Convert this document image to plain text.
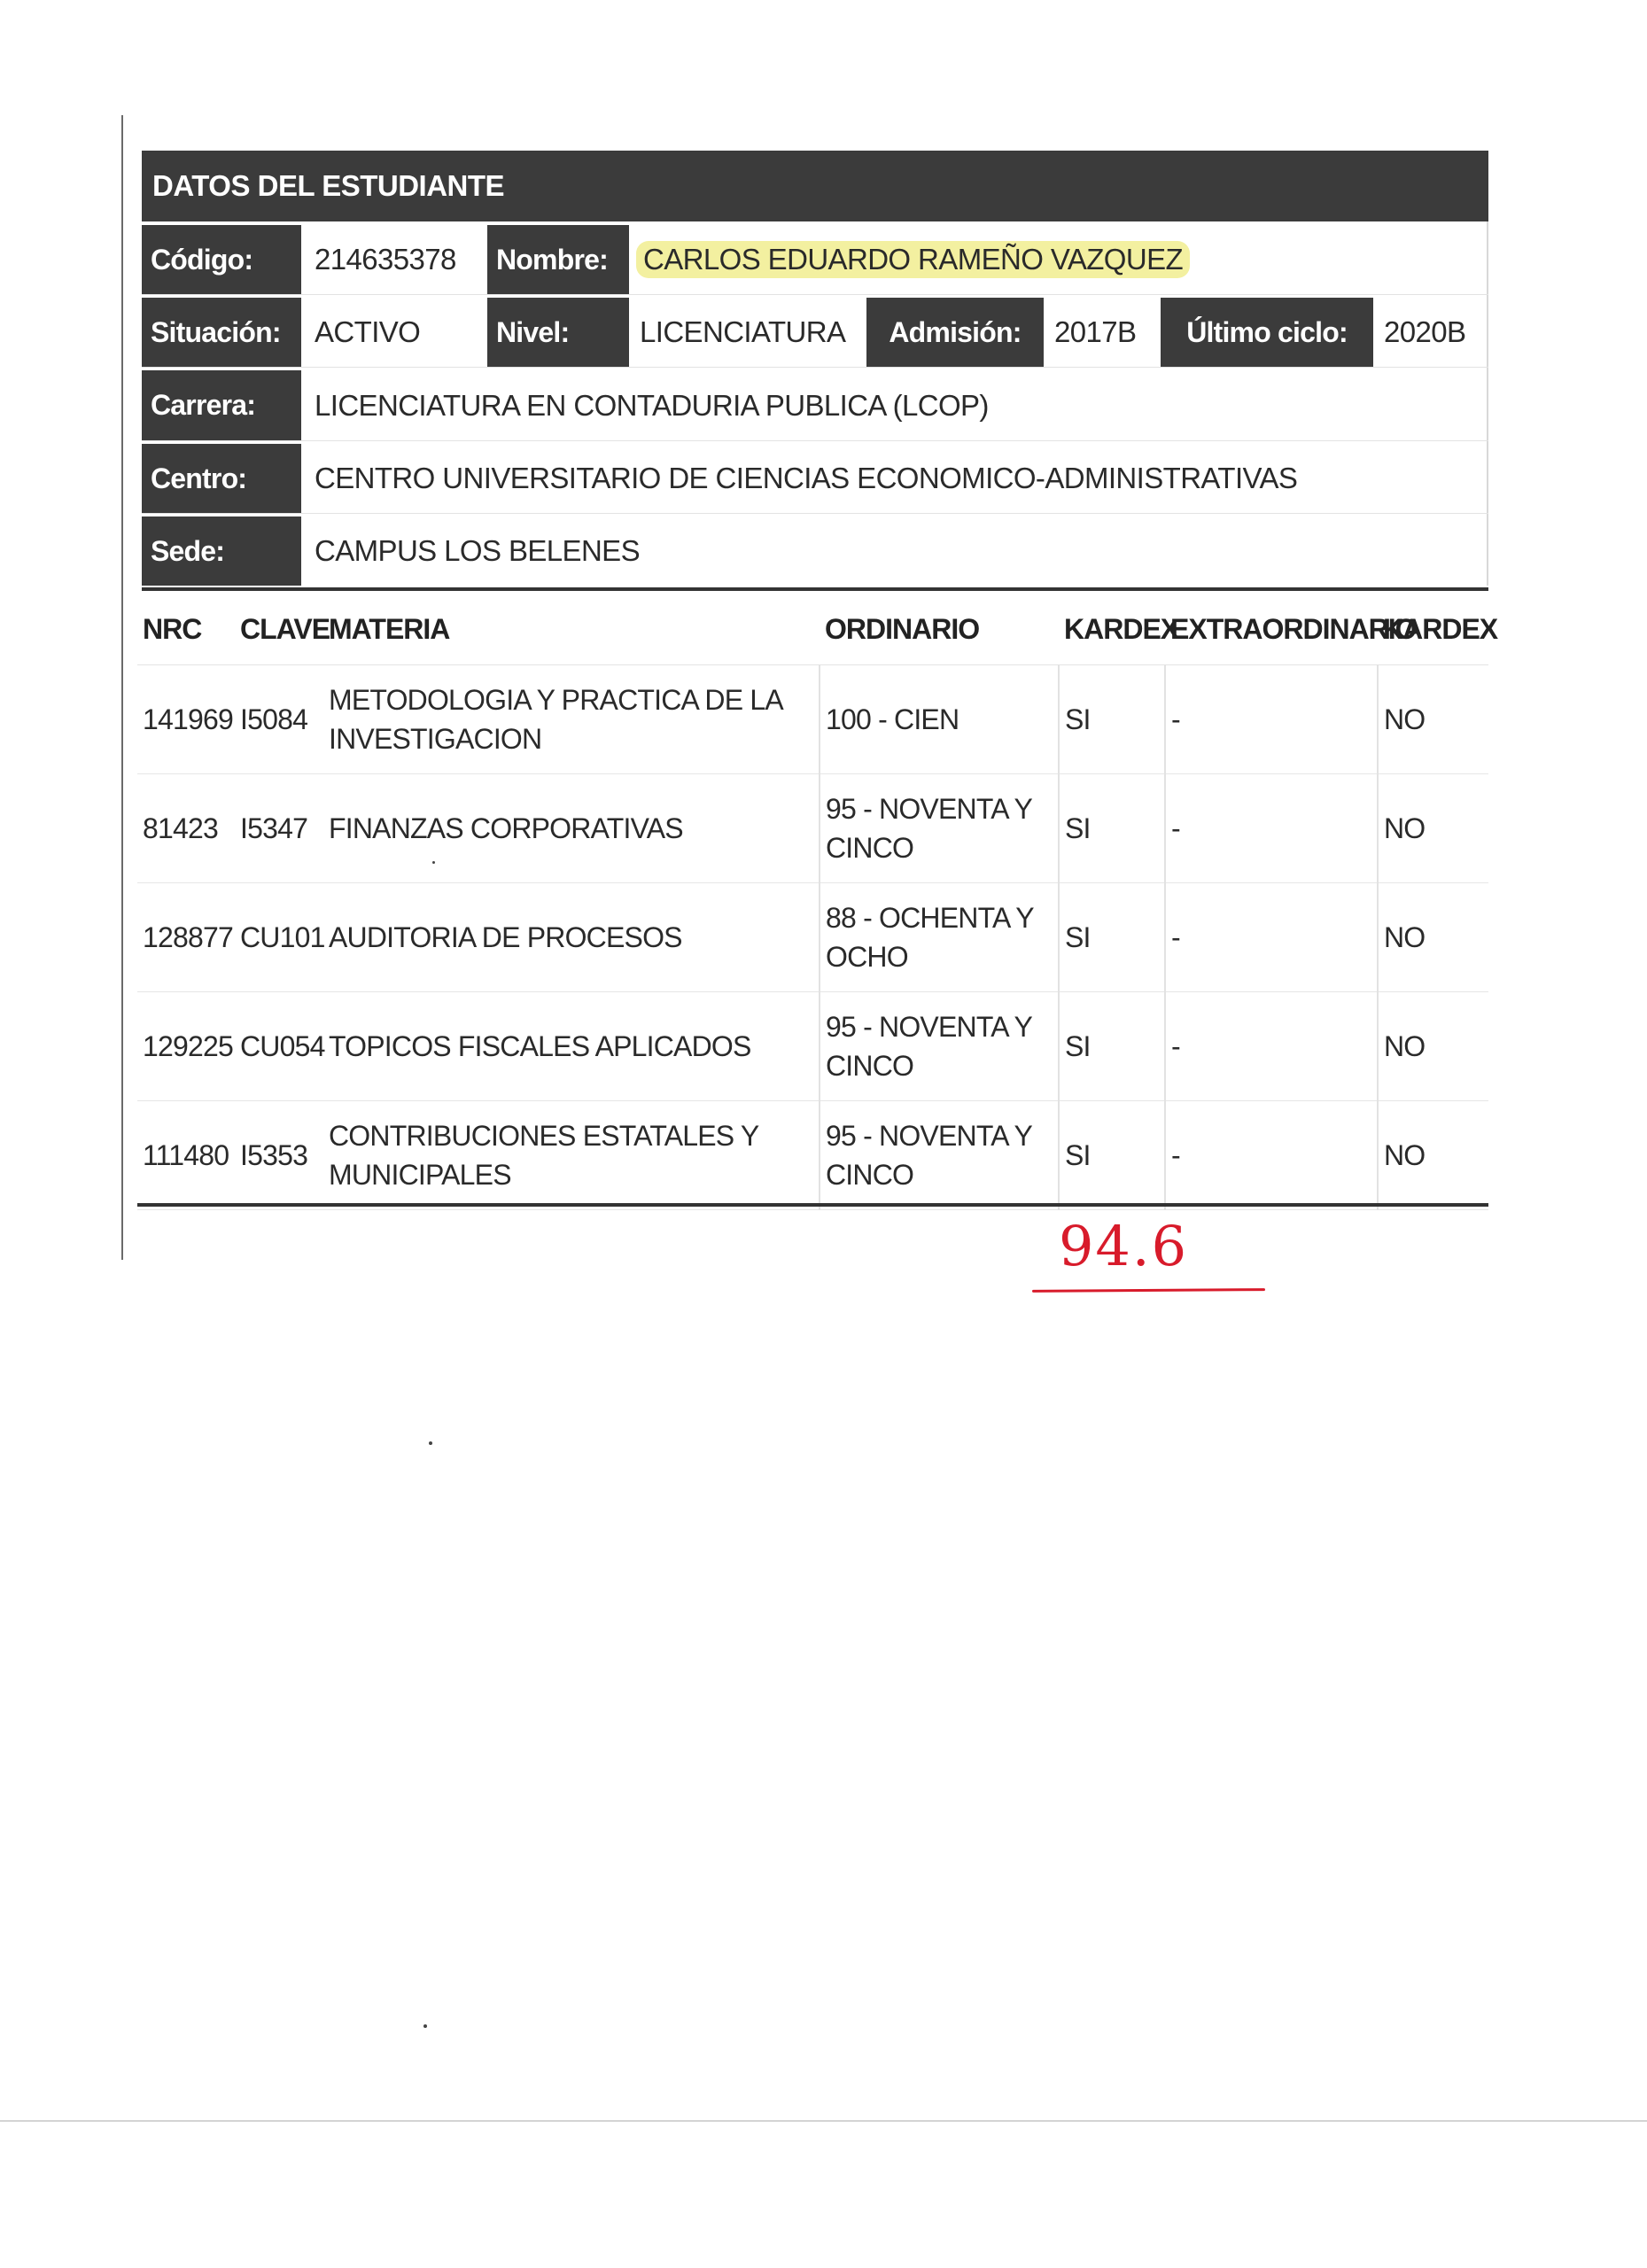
DATOS DEL ESTUDIANTE
Código:	214635378	Nombre:	CARLOS EDUARDO RAMEÑO VAZQUEZ
Situación:	ACTIVO	Nivel:	LICENCIATURA	Admisión:	2017B	Último ciclo:	2020B
Carrera:	LICENCIATURA EN CONTADURIA PUBLICA (LCOP)
Centro:	CENTRO UNIVERSITARIO DE CIENCIAS ECONOMICO-ADMINISTRATIVAS
Sede:	CAMPUS LOS BELENES
NRC	CLAVE	MATERIA	ORDINARIO	KARDEX	EXTRAORDINARIO	KARDEX
141969	I5084	METODOLOGIA Y PRACTICA DE LA INVESTIGACION	100 - CIEN	SI	-	NO
81423	I5347	FINANZAS CORPORATIVAS	95 - NOVENTA Y CINCO	SI	-	NO
128877	CU101	AUDITORIA DE PROCESOS	88 - OCHENTA Y OCHO	SI	-	NO
129225	CU054	TOPICOS FISCALES APLICADOS	95 - NOVENTA Y CINCO	SI	-	NO
111480	I5353	CONTRIBUCIONES ESTATALES Y MUNICIPALES	95 - NOVENTA Y CINCO	SI	-	NO
94.6
